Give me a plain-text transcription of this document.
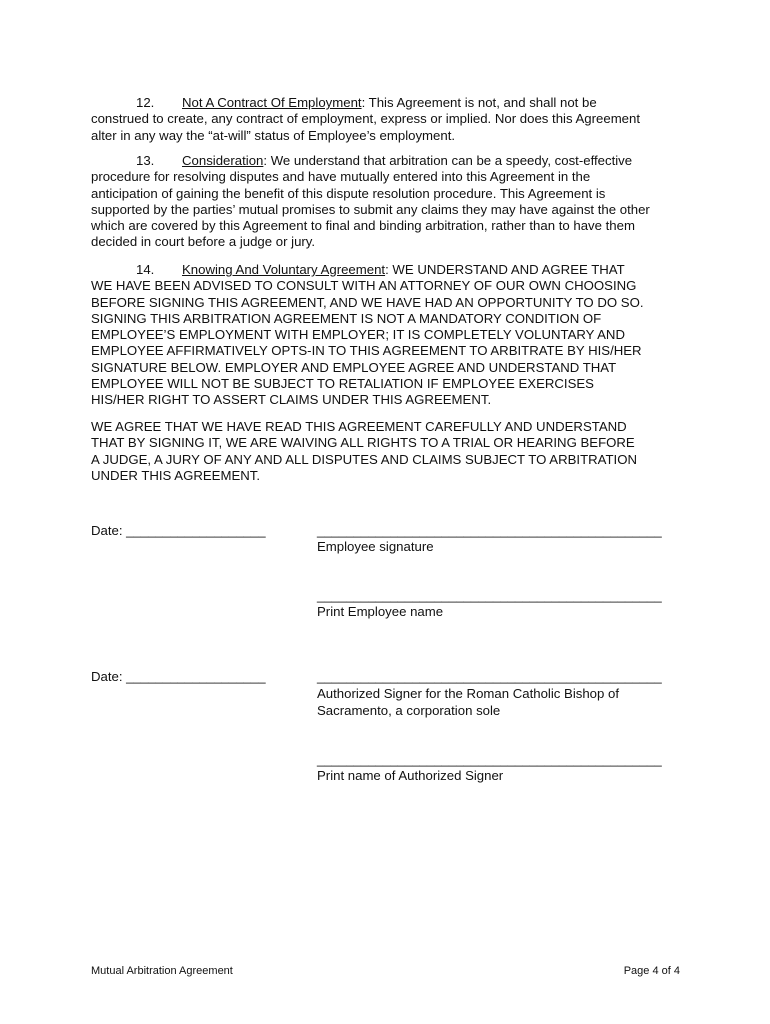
12. Not A Contract Of Employment: This Agreement is not, and shall not be
construed to create, any contract of employment, express or implied. Nor does this Agreement
alter in any way the “at-will” status of Employee’s employment.
13. Consideration: We understand that arbitration can be a speedy, cost-effective
procedure for resolving disputes and have mutually entered into this Agreement in the
anticipation of gaining the benefit of this dispute resolution procedure. This Agreement is
supported by the parties’ mutual promises to submit any claims they may have against the other
which are covered by this Agreement to final and binding arbitration, rather than to have them
decided in court before a judge or jury.
14. Knowing And Voluntary Agreement: WE UNDERSTAND AND AGREE THAT
WE HAVE BEEN ADVISED TO CONSULT WITH AN ATTORNEY OF OUR OWN CHOOSING
BEFORE SIGNING THIS AGREEMENT, AND WE HAVE HAD AN OPPORTUNITY TO DO SO.
SIGNING THIS ARBITRATION AGREEMENT IS NOT A MANDATORY CONDITION OF
EMPLOYEE’S EMPLOYMENT WITH EMPLOYER; IT IS COMPLETELY VOLUNTARY AND
EMPLOYEE AFFIRMATIVELY OPTS-IN TO THIS AGREEMENT TO ARBITRATE BY HIS/HER
SIGNATURE BELOW. EMPLOYER AND EMPLOYEE AGREE AND UNDERSTAND THAT
EMPLOYEE WILL NOT BE SUBJECT TO RETALIATION IF EMPLOYEE EXERCISES
HIS/HER RIGHT TO ASSERT CLAIMS UNDER THIS AGREEMENT.
WE AGREE THAT WE HAVE READ THIS AGREEMENT CAREFULLY AND UNDERSTAND
THAT BY SIGNING IT, WE ARE WAIVING ALL RIGHTS TO A TRIAL OR HEARING BEFORE
A JUDGE, A JURY OF ANY AND ALL DISPUTES AND CLAIMS SUBJECT TO ARBITRATION
UNDER THIS AGREEMENT.
Date: ___________________	_______________________________________________
Employee signature
_______________________________________________
Print Employee name
Date: ___________________	_______________________________________________
Authorized Signer for the Roman Catholic Bishop of
Sacramento, a corporation sole
_______________________________________________
Print name of Authorized Signer
Mutual Arbitration Agreement	Page 4 of 4
